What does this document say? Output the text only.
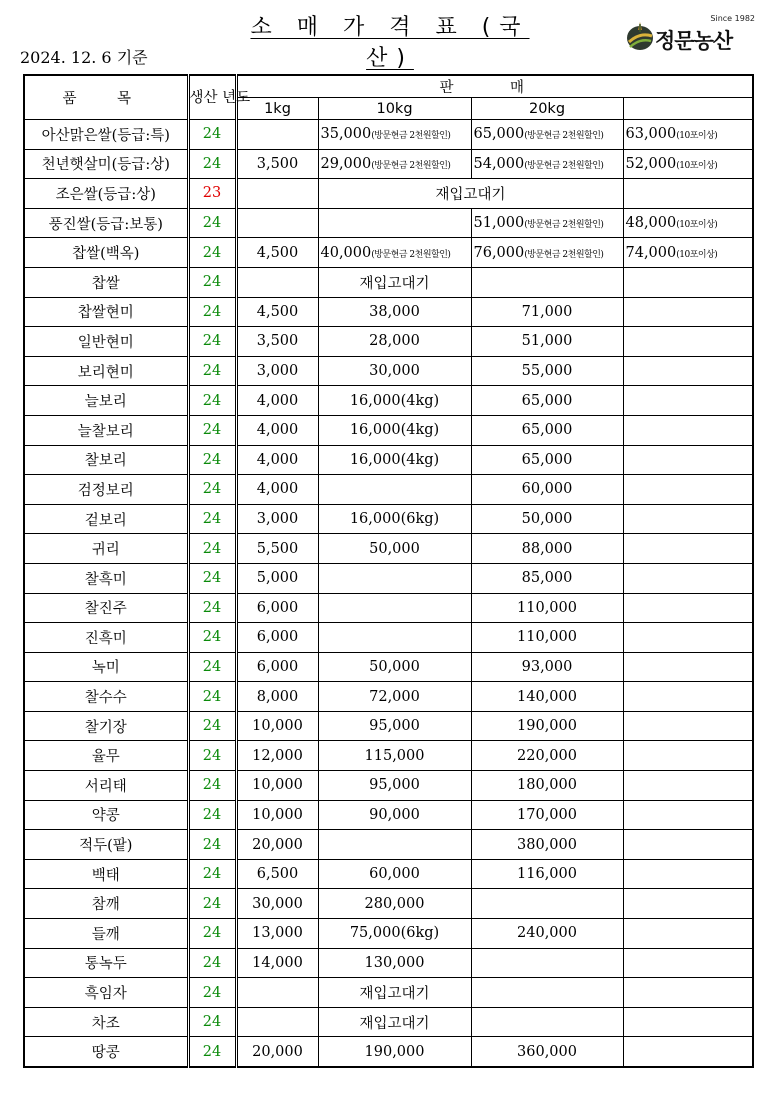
소 매 가 격 표 (국산)
2024. 12. 6 기준
Since 1982
정문농산
품 목	생산 년도	판 매			
		1kg	10kg	20kg	
아산맑은쌀(등급:특)	24		35,000(방문현금 2천원할인)	65,000(방문현금 2천원할인)	63,000(10포이상)
천년햇살미(등급:상)	24	3,500	29,000(방문현금 2천원할인)	54,000(방문현금 2천원할인)	52,000(10포이상)
조은쌀(등급:상)	23		재입고대기		
풍진쌀(등급:보통)	24			51,000(방문현금 2천원할인)	48,000(10포이상)
찹쌀(백옥)	24	4,500	40,000(방문현금 2천원할인)	76,000(방문현금 2천원할인)	74,000(10포이상)
찹쌀	24		재입고대기		
찹쌀현미	24	4,500	38,000	71,000	
일반현미	24	3,500	28,000	51,000	
보리현미	24	3,000	30,000	55,000	
늘보리	24	4,000	16,000(4kg)	65,000	
늘찰보리	24	4,000	16,000(4kg)	65,000	
찰보리	24	4,000	16,000(4kg)	65,000	
검정보리	24	4,000		60,000	
겉보리	24	3,000	16,000(6kg)	50,000	
귀리	24	5,500	50,000	88,000	
찰흑미	24	5,000		85,000	
찰진주	24	6,000		110,000	
진흑미	24	6,000		110,000	
녹미	24	6,000	50,000	93,000	
찰수수	24	8,000	72,000	140,000	
찰기장	24	10,000	95,000	190,000	
율무	24	12,000	115,000	220,000	
서리태	24	10,000	95,000	180,000	
약콩	24	10,000	90,000	170,000	
적두(팥)	24	20,000		380,000	
백태	24	6,500	60,000	116,000	
참깨	24	30,000	280,000		
들깨	24	13,000	75,000(6kg)	240,000	
통녹두	24	14,000	130,000		
흑임자	24		재입고대기		
차조	24		재입고대기		
땅콩	24	20,000	190,000	360,000	
